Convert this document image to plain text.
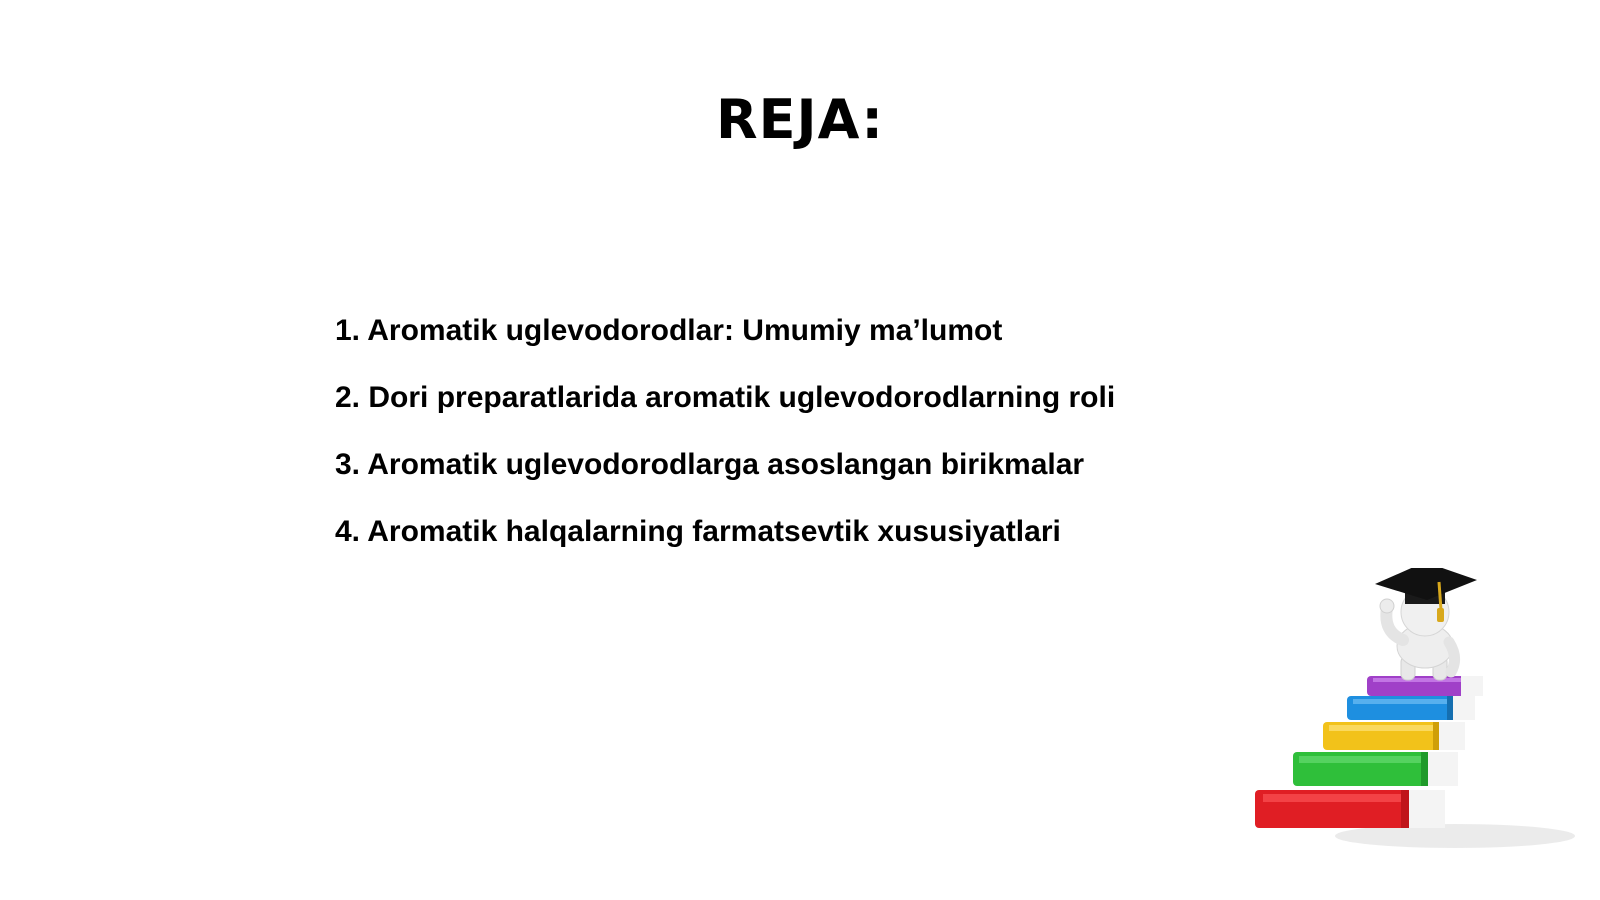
REJA:
1. Aromatik uglevodorodlar: Umumiy ma’lumot
2. Dori preparatlarida aromatik uglevodorodlarning roli
3. Aromatik uglevodorodlarga asoslangan birikmalar
4. Aromatik halqalarning farmatsevtik xususiyatlari
